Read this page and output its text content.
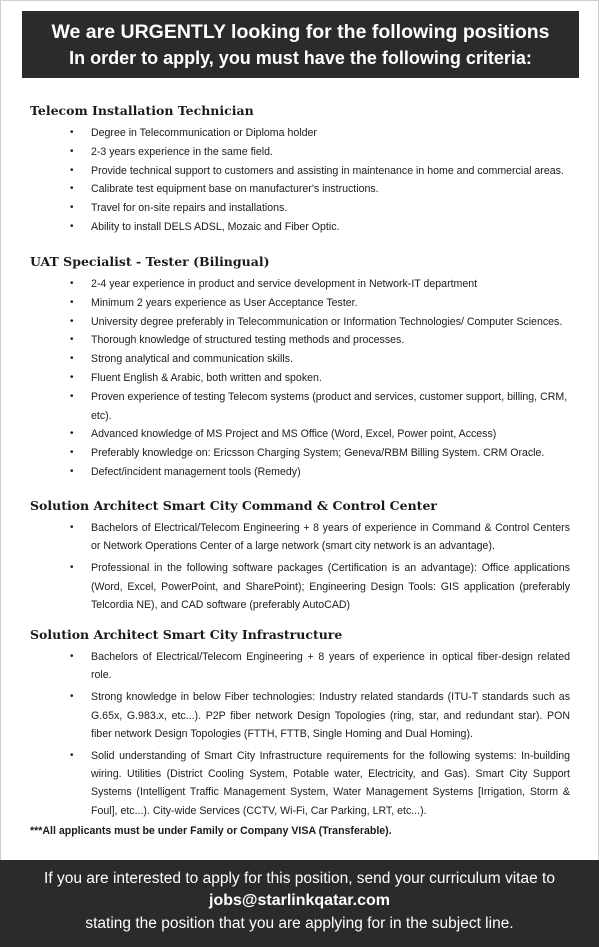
We are URGENTLY looking for the following positions
In order to apply, you must have the following criteria:
Telecom Installation Technician
• Degree in Telecommunication or Diploma holder
• 2-3 years experience in the same field.
• Provide technical support to customers and assisting in maintenance in home and commercial areas.
• Calibrate test equipment base on manufacturer's instructions.
• Travel for on-site repairs and installations.
• Ability to install DELS ADSL, Mozaic and Fiber Optic.
UAT Specialist - Tester (Bilingual)
• 2-4 year experience in product and service development in Network-IT department
• Minimum 2 years experience as User Acceptance Tester.
• University degree preferably in Telecommunication or Information Technologies/ Computer Sciences.
• Thorough knowledge of structured testing methods and processes.
• Strong analytical and communication skills.
• Fluent English & Arabic, both written and spoken.
• Proven experience of testing Telecom systems (product and services, customer support, billing, CRM, etc).
• Advanced knowledge of MS Project and MS Office (Word, Excel, Power point, Access)
• Preferably knowledge on: Ericsson Charging System; Geneva/RBM Billing System. CRM Oracle.
• Defect/incident management tools (Remedy)
Solution Architect Smart City Command & Control Center
• Bachelors of Electrical/Telecom Engineering + 8 years of experience in Command & Control Centers or Network Operations Center of a large network (smart city network is an advantage).
• Professional in the following software packages (Certification is an advantage): Office applications (Word, Excel, PowerPoint, and SharePoint); Engineering Design Tools: GIS application (preferably Telcordia NE), and CAD software (preferably AutoCAD)
Solution Architect Smart City Infrastructure
• Bachelors of Electrical/Telecom Engineering + 8 years of experience in optical fiber-design related role.
• Strong knowledge in below Fiber technologies: Industry related standards (ITU-T standards such as G.65x, G.983.x, etc...). P2P fiber network Design Topologies (ring, star, and redundant star). PON fiber network Design Topologies (FTTH, FTTB, Single Homing and Dual Homing).
• Solid understanding of Smart City Infrastructure requirements for the following systems: In-building wiring. Utilities (District Cooling System, Potable water, Electricity, and Gas). Smart City Support Systems (Intelligent Traffic Management System, Water Management Systems [Irrigation, Storm & Foul], etc...). City-wide Services (CCTV, Wi-Fi, Car Parking, LRT, etc...).
***All applicants must be under Family or Company VISA (Transferable).
If you are interested to apply for this position, send your curriculum vitae to
jobs@starlinkqatar.com
stating the position that you are applying for in the subject line.
